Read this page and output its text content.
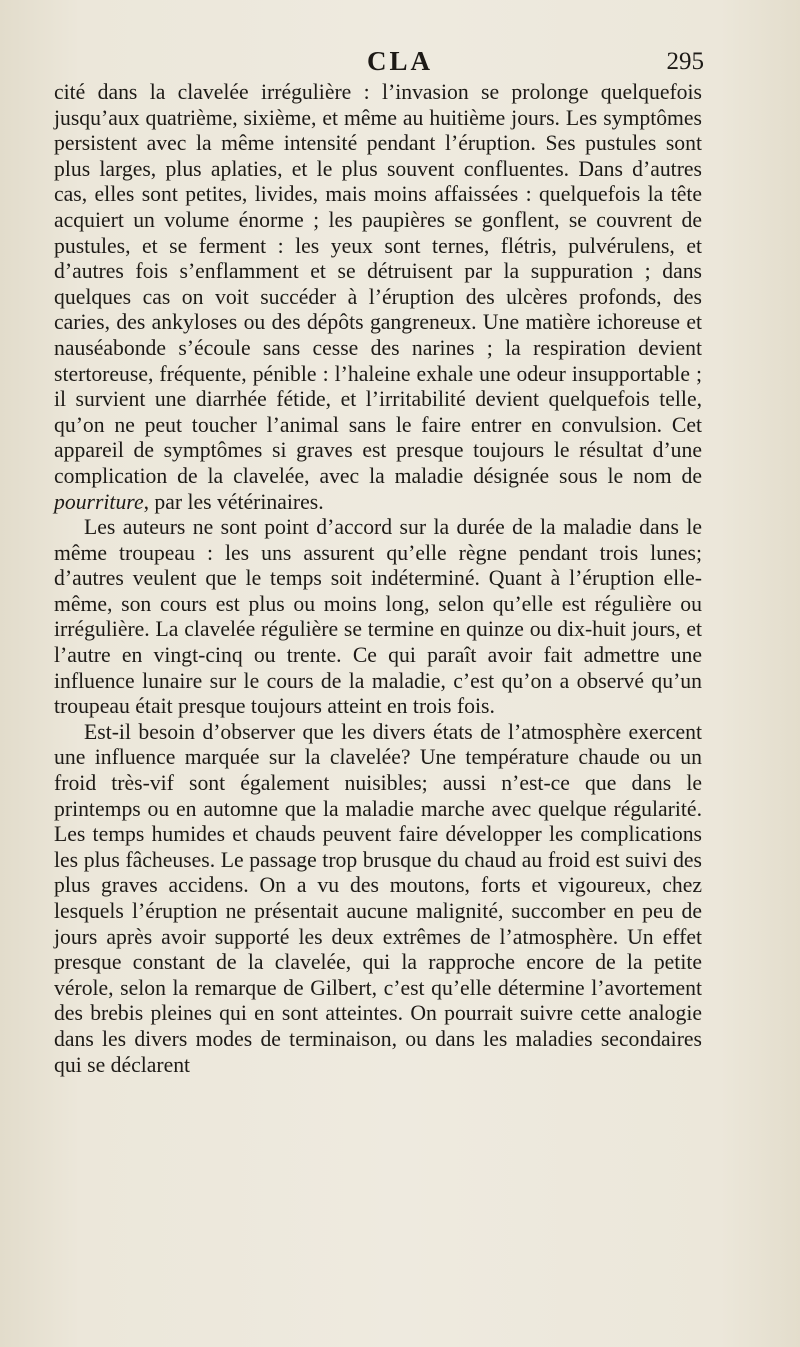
CLA	295

cité dans la clavelée irrégulière : l’invasion se prolonge quelquefois jusqu’aux quatrième, sixième, et même au huitième jours. Les symptômes persistent avec la même intensité pendant l’éruption. Ses pustules sont plus larges, plus aplaties, et le plus souvent confluentes. Dans d’autres cas, elles sont petites, livides, mais moins affaissées : quelquefois la tête acquiert un volume énorme ; les paupières se gonflent, se couvrent de pustules, et se ferment : les yeux sont ternes, flétris, pulvérulens, et d’autres fois s’enflamment et se détruisent par la suppuration ; dans quelques cas on voit succéder à l’éruption des ulcères profonds, des caries, des ankyloses ou des dépôts gangreneux. Une matière ichoreuse et nauséabonde s’écoule sans cesse des narines ; la respiration devient stertoreuse, fréquente, pénible : l’haleine exhale une odeur insupportable ; il survient une diarrhée fétide, et l’irritabilité devient quelquefois telle, qu’on ne peut toucher l’animal sans le faire entrer en convulsion. Cet appareil de symptômes si graves est presque toujours le résultat d’une complication de la clavelée, avec la maladie désignée sous le nom de pourriture, par les vétérinaires.

Les auteurs ne sont point d’accord sur la durée de la maladie dans le même troupeau : les uns assurent qu’elle règne pendant trois lunes; d’autres veulent que le temps soit indéterminé. Quant à l’éruption elle-même, son cours est plus ou moins long, selon qu’elle est régulière ou irrégulière. La clavelée régulière se termine en quinze ou dix-huit jours, et l’autre en vingt-cinq ou trente. Ce qui paraît avoir fait admettre une influence lunaire sur le cours de la maladie, c’est qu’on a observé qu’un troupeau était presque toujours atteint en trois fois.

Est-il besoin d’observer que les divers états de l’atmosphère exercent une influence marquée sur la clavelée? Une température chaude ou un froid très-vif sont également nuisibles; aussi n’est-ce que dans le printemps ou en automne que la maladie marche avec quelque régularité. Les temps humides et chauds peuvent faire développer les complications les plus fâcheuses. Le passage trop brusque du chaud au froid est suivi des plus graves accidens. On a vu des moutons, forts et vigoureux, chez lesquels l’éruption ne présentait aucune malignité, succomber en peu de jours après avoir supporté les deux extrêmes de l’atmosphère. Un effet presque constant de la clavelée, qui la rapproche encore de la petite vérole, selon la remarque de Gilbert, c’est qu’elle détermine l’avortement des brebis pleines qui en sont atteintes. On pourrait suivre cette analogie dans les divers modes de terminaison, ou dans les maladies secondaires qui se déclarent
